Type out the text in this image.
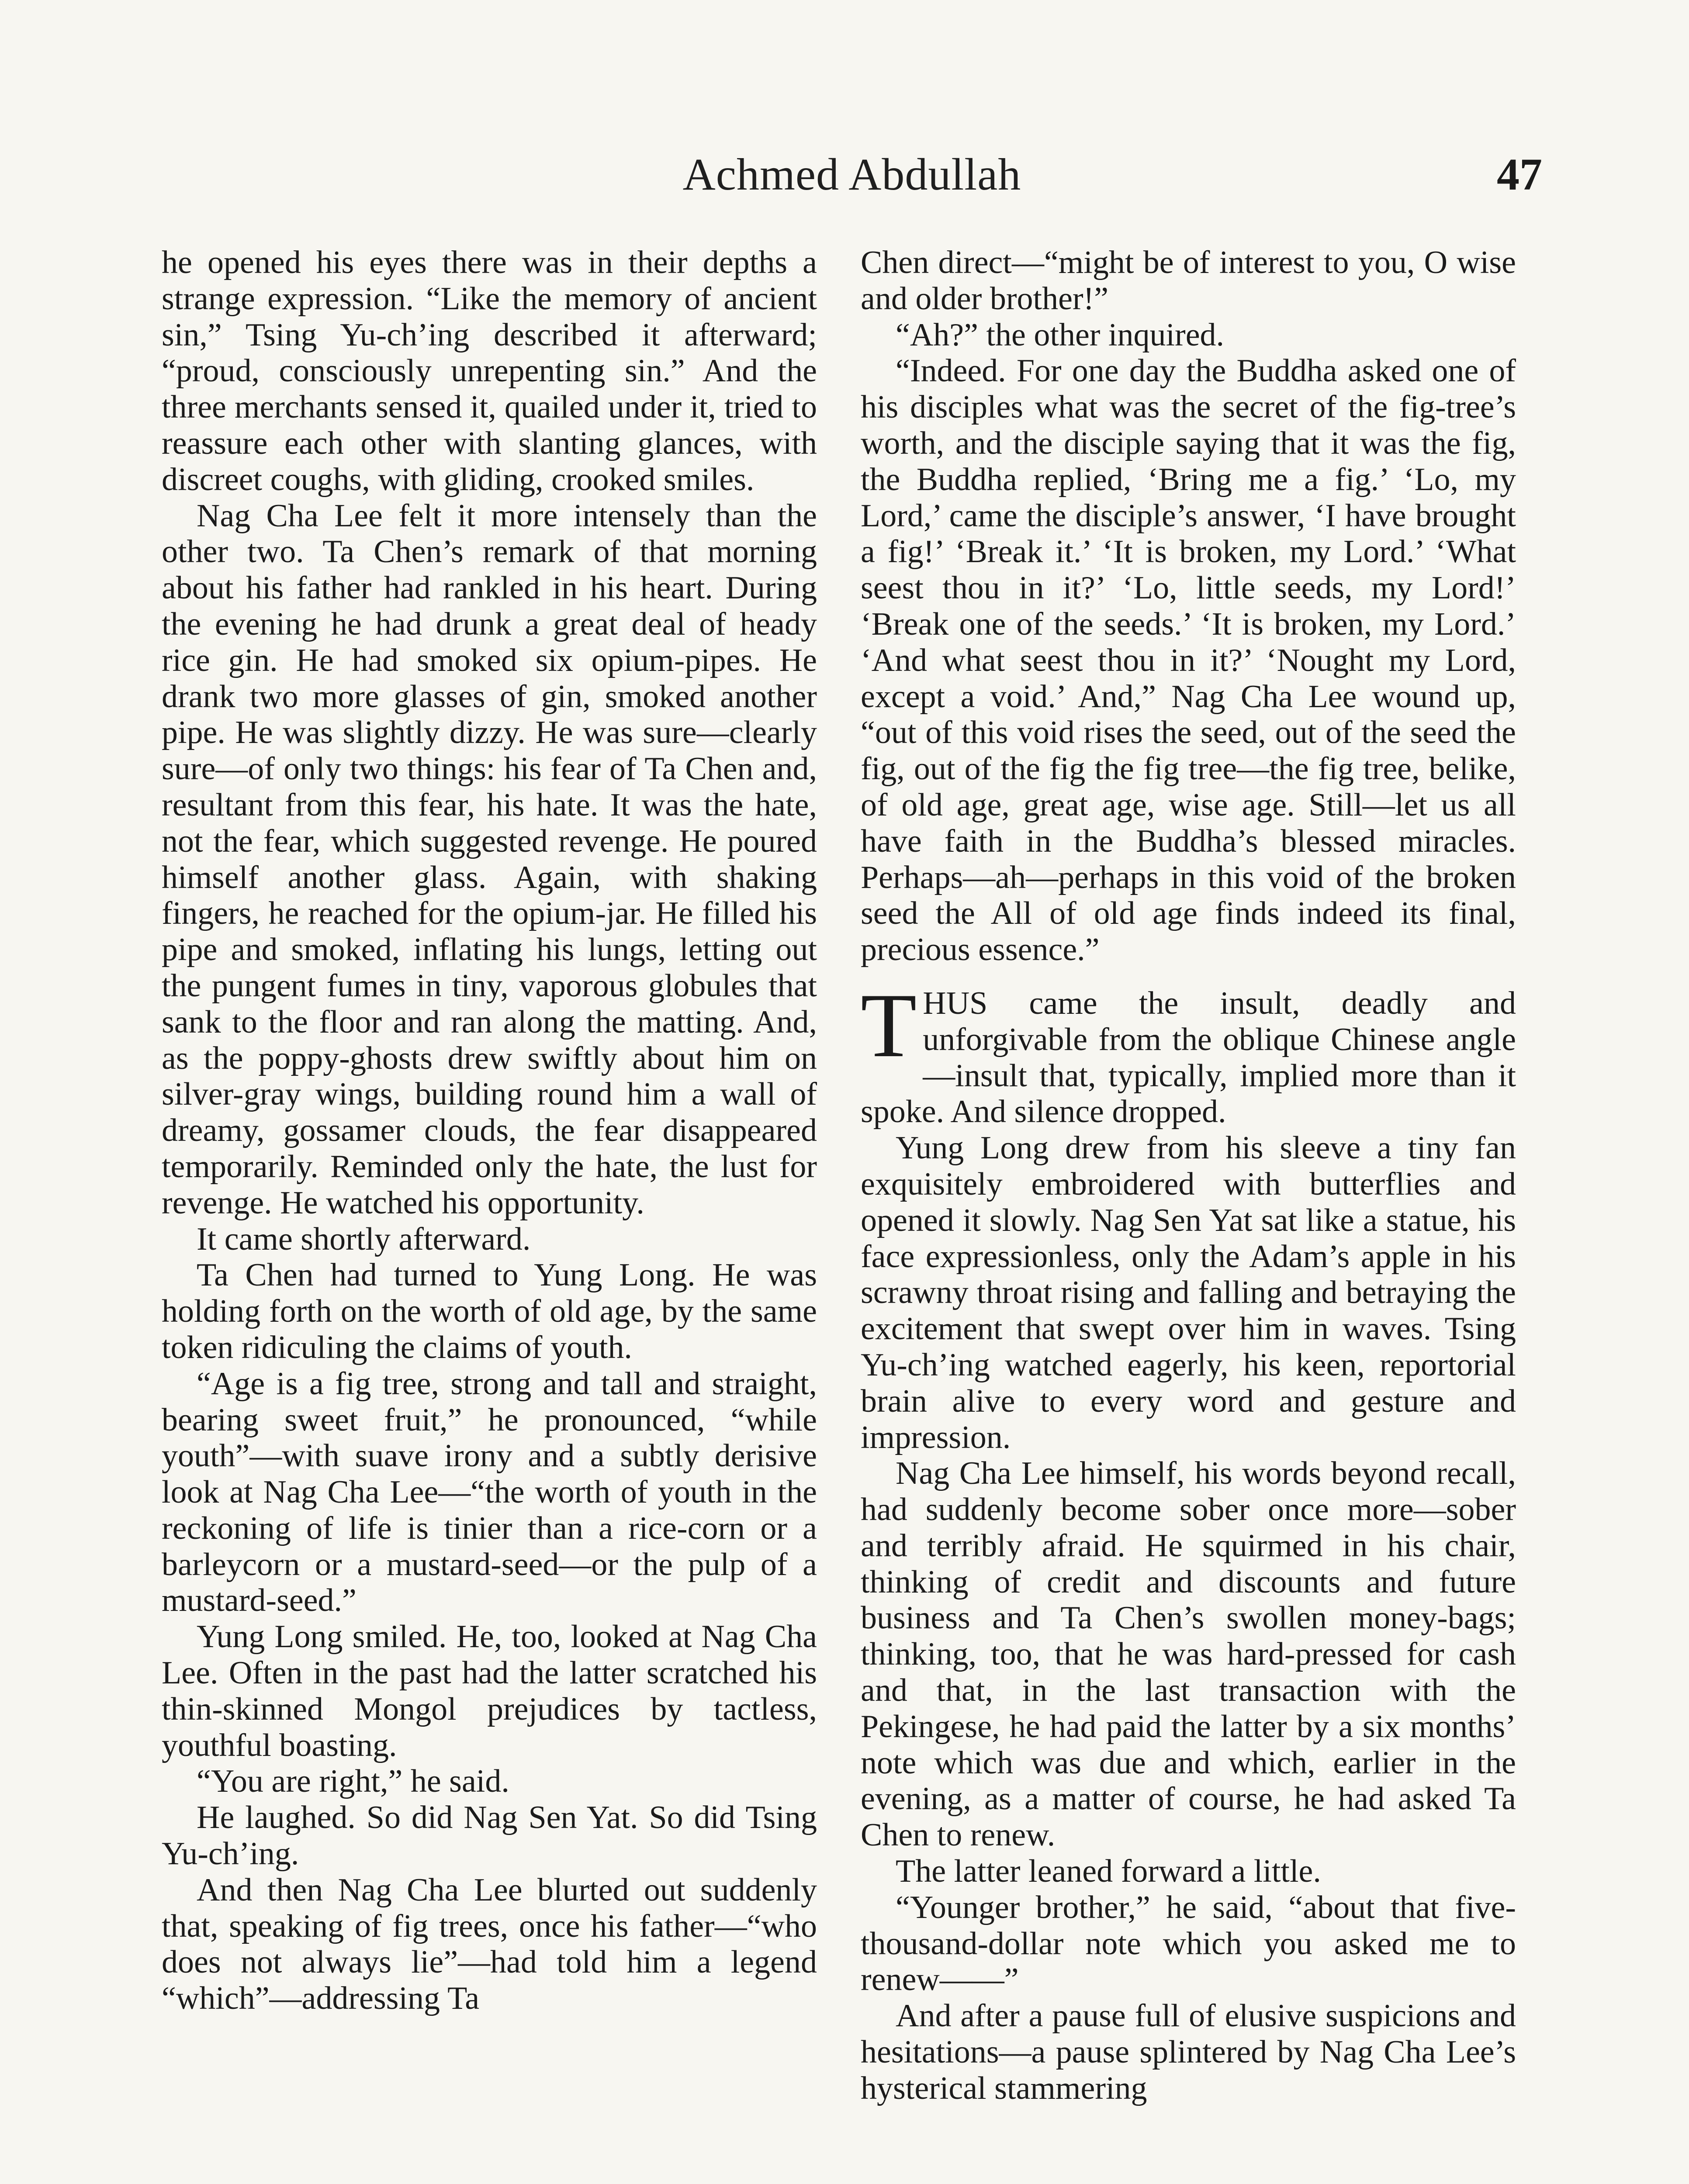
Achmed Abdullah	47

he opened his eyes there was in their depths a strange expression. “Like the memory of ancient sin,” Tsing Yu-ch’ing described it afterward; “proud, consciously unrepenting sin.” And the three merchants sensed it, quailed under it, tried to reassure each other with slanting glances, with discreet coughs, with gliding, crooked smiles.

Nag Cha Lee felt it more intensely than the other two. Ta Chen’s remark of that morning about his father had rankled in his heart. During the evening he had drunk a great deal of heady rice gin. He had smoked six opium-pipes. He drank two more glasses of gin, smoked another pipe. He was slightly dizzy. He was sure—clearly sure—of only two things: his fear of Ta Chen and, resultant from this fear, his hate. It was the hate, not the fear, which suggested revenge. He poured himself another glass. Again, with shaking fingers, he reached for the opium-jar. He filled his pipe and smoked, inflating his lungs, letting out the pungent fumes in tiny, vaporous globules that sank to the floor and ran along the matting. And, as the poppy-ghosts drew swiftly about him on silver-gray wings, building round him a wall of dreamy, gossamer clouds, the fear disappeared temporarily. Reminded only the hate, the lust for revenge. He watched his opportunity.

It came shortly afterward.

Ta Chen had turned to Yung Long. He was holding forth on the worth of old age, by the same token ridiculing the claims of youth.

“Age is a fig tree, strong and tall and straight, bearing sweet fruit,” he pronounced, “while youth”—with suave irony and a subtly derisive look at Nag Cha Lee—“the worth of youth in the reckoning of life is tinier than a rice-corn or a barleycorn or a mustard-seed—or the pulp of a mustard-seed.”

Yung Long smiled. He, too, looked at Nag Cha Lee. Often in the past had the latter scratched his thin-skinned Mongol prejudices by tactless, youthful boasting.

“You are right,” he said.

He laughed. So did Nag Sen Yat. So did Tsing Yu-ch’ing.

And then Nag Cha Lee blurted out suddenly that, speaking of fig trees, once his father—“who does not always lie”—had told him a legend “which”—addressing Ta

Chen direct—“might be of interest to you, O wise and older brother!”

“Ah?” the other inquired.

“Indeed. For one day the Buddha asked one of his disciples what was the secret of the fig-tree’s worth, and the disciple saying that it was the fig, the Buddha replied, ‘Bring me a fig.’ ‘Lo, my Lord,’ came the disciple’s answer, ‘I have brought a fig!’ ‘Break it.’ ‘It is broken, my Lord.’ ‘What seest thou in it?’ ‘Lo, little seeds, my Lord!’ ‘Break one of the seeds.’ ‘It is broken, my Lord.’ ‘And what seest thou in it?’ ‘Nought my Lord, except a void.’ And,” Nag Cha Lee wound up, “out of this void rises the seed, out of the seed the fig, out of the fig the fig tree—the fig tree, belike, of old age, great age, wise age. Still—let us all have faith in the Buddha’s blessed miracles. Perhaps—ah—perhaps in this void of the broken seed the All of old age finds indeed its final, precious essence.”

THUS came the insult, deadly and unforgivable from the oblique Chinese angle—insult that, typically, implied more than it spoke. And silence dropped.

Yung Long drew from his sleeve a tiny fan exquisitely embroidered with butterflies and opened it slowly. Nag Sen Yat sat like a statue, his face expressionless, only the Adam’s apple in his scrawny throat rising and falling and betraying the excitement that swept over him in waves. Tsing Yu-ch’ing watched eagerly, his keen, reportorial brain alive to every word and gesture and impression.

Nag Cha Lee himself, his words beyond recall, had suddenly become sober once more—sober and terribly afraid. He squirmed in his chair, thinking of credit and discounts and future business and Ta Chen’s swollen money-bags; thinking, too, that he was hard-pressed for cash and that, in the last transaction with the Pekingese, he had paid the latter by a six months’ note which was due and which, earlier in the evening, as a matter of course, he had asked Ta Chen to renew.

The latter leaned forward a little.

“Younger brother,” he said, “about that five-thousand-dollar note which you asked me to renew——”

And after a pause full of elusive suspicions and hesitations—a pause splintered by Nag Cha Lee’s hysterical stammering
